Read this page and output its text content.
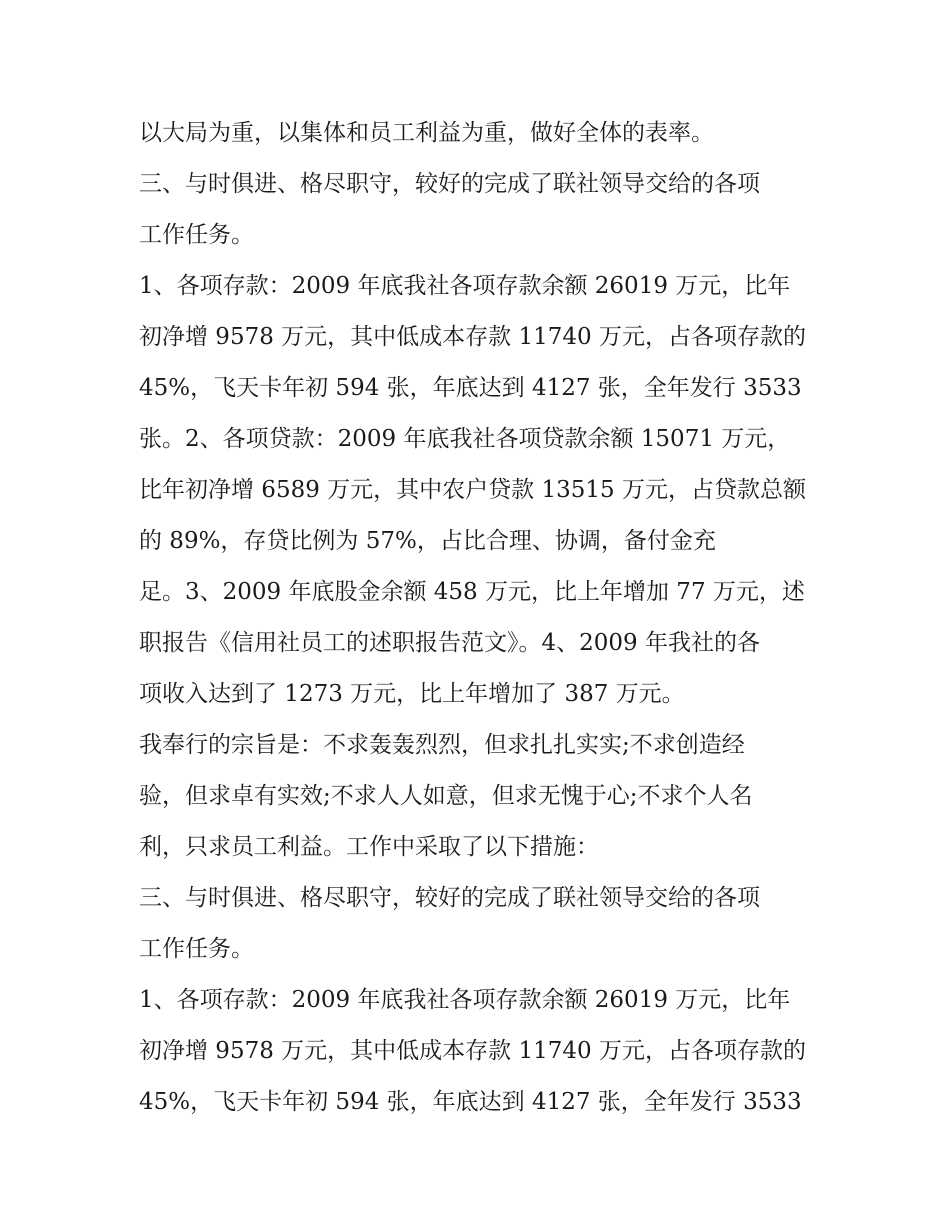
以大局为重，以集体和员工利益为重，做好全体的表率。
三、与时俱进、格尽职守，较好的完成了联社领导交给的各项
工作任务。
1、各项存款：2009 年底我社各项存款余额 26019 万元，比年
初净增 9578 万元，其中低成本存款 11740 万元，占各项存款的
45%，飞天卡年初 594 张，年底达到 4127 张，全年发行 3533
张。2、各项贷款：2009 年底我社各项贷款余额 15071 万元，
比年初净增 6589 万元，其中农户贷款 13515 万元，占贷款总额
的 89%，存贷比例为 57%，占比合理、协调，备付金充
足。3、2009 年底股金余额 458 万元，比上年增加 77 万元，述
职报告《信用社员工的述职报告范文》。4、2009 年我社的各
项收入达到了 1273 万元，比上年增加了 387 万元。
我奉行的宗旨是：不求轰轰烈烈，但求扎扎实实;不求创造经
验，但求卓有实效;不求人人如意，但求无愧于心;不求个人名
利，只求员工利益。工作中采取了以下措施：
三、与时俱进、格尽职守，较好的完成了联社领导交给的各项
工作任务。
1、各项存款：2009 年底我社各项存款余额 26019 万元，比年
初净增 9578 万元，其中低成本存款 11740 万元，占各项存款的
45%，飞天卡年初 594 张，年底达到 4127 张，全年发行 3533
